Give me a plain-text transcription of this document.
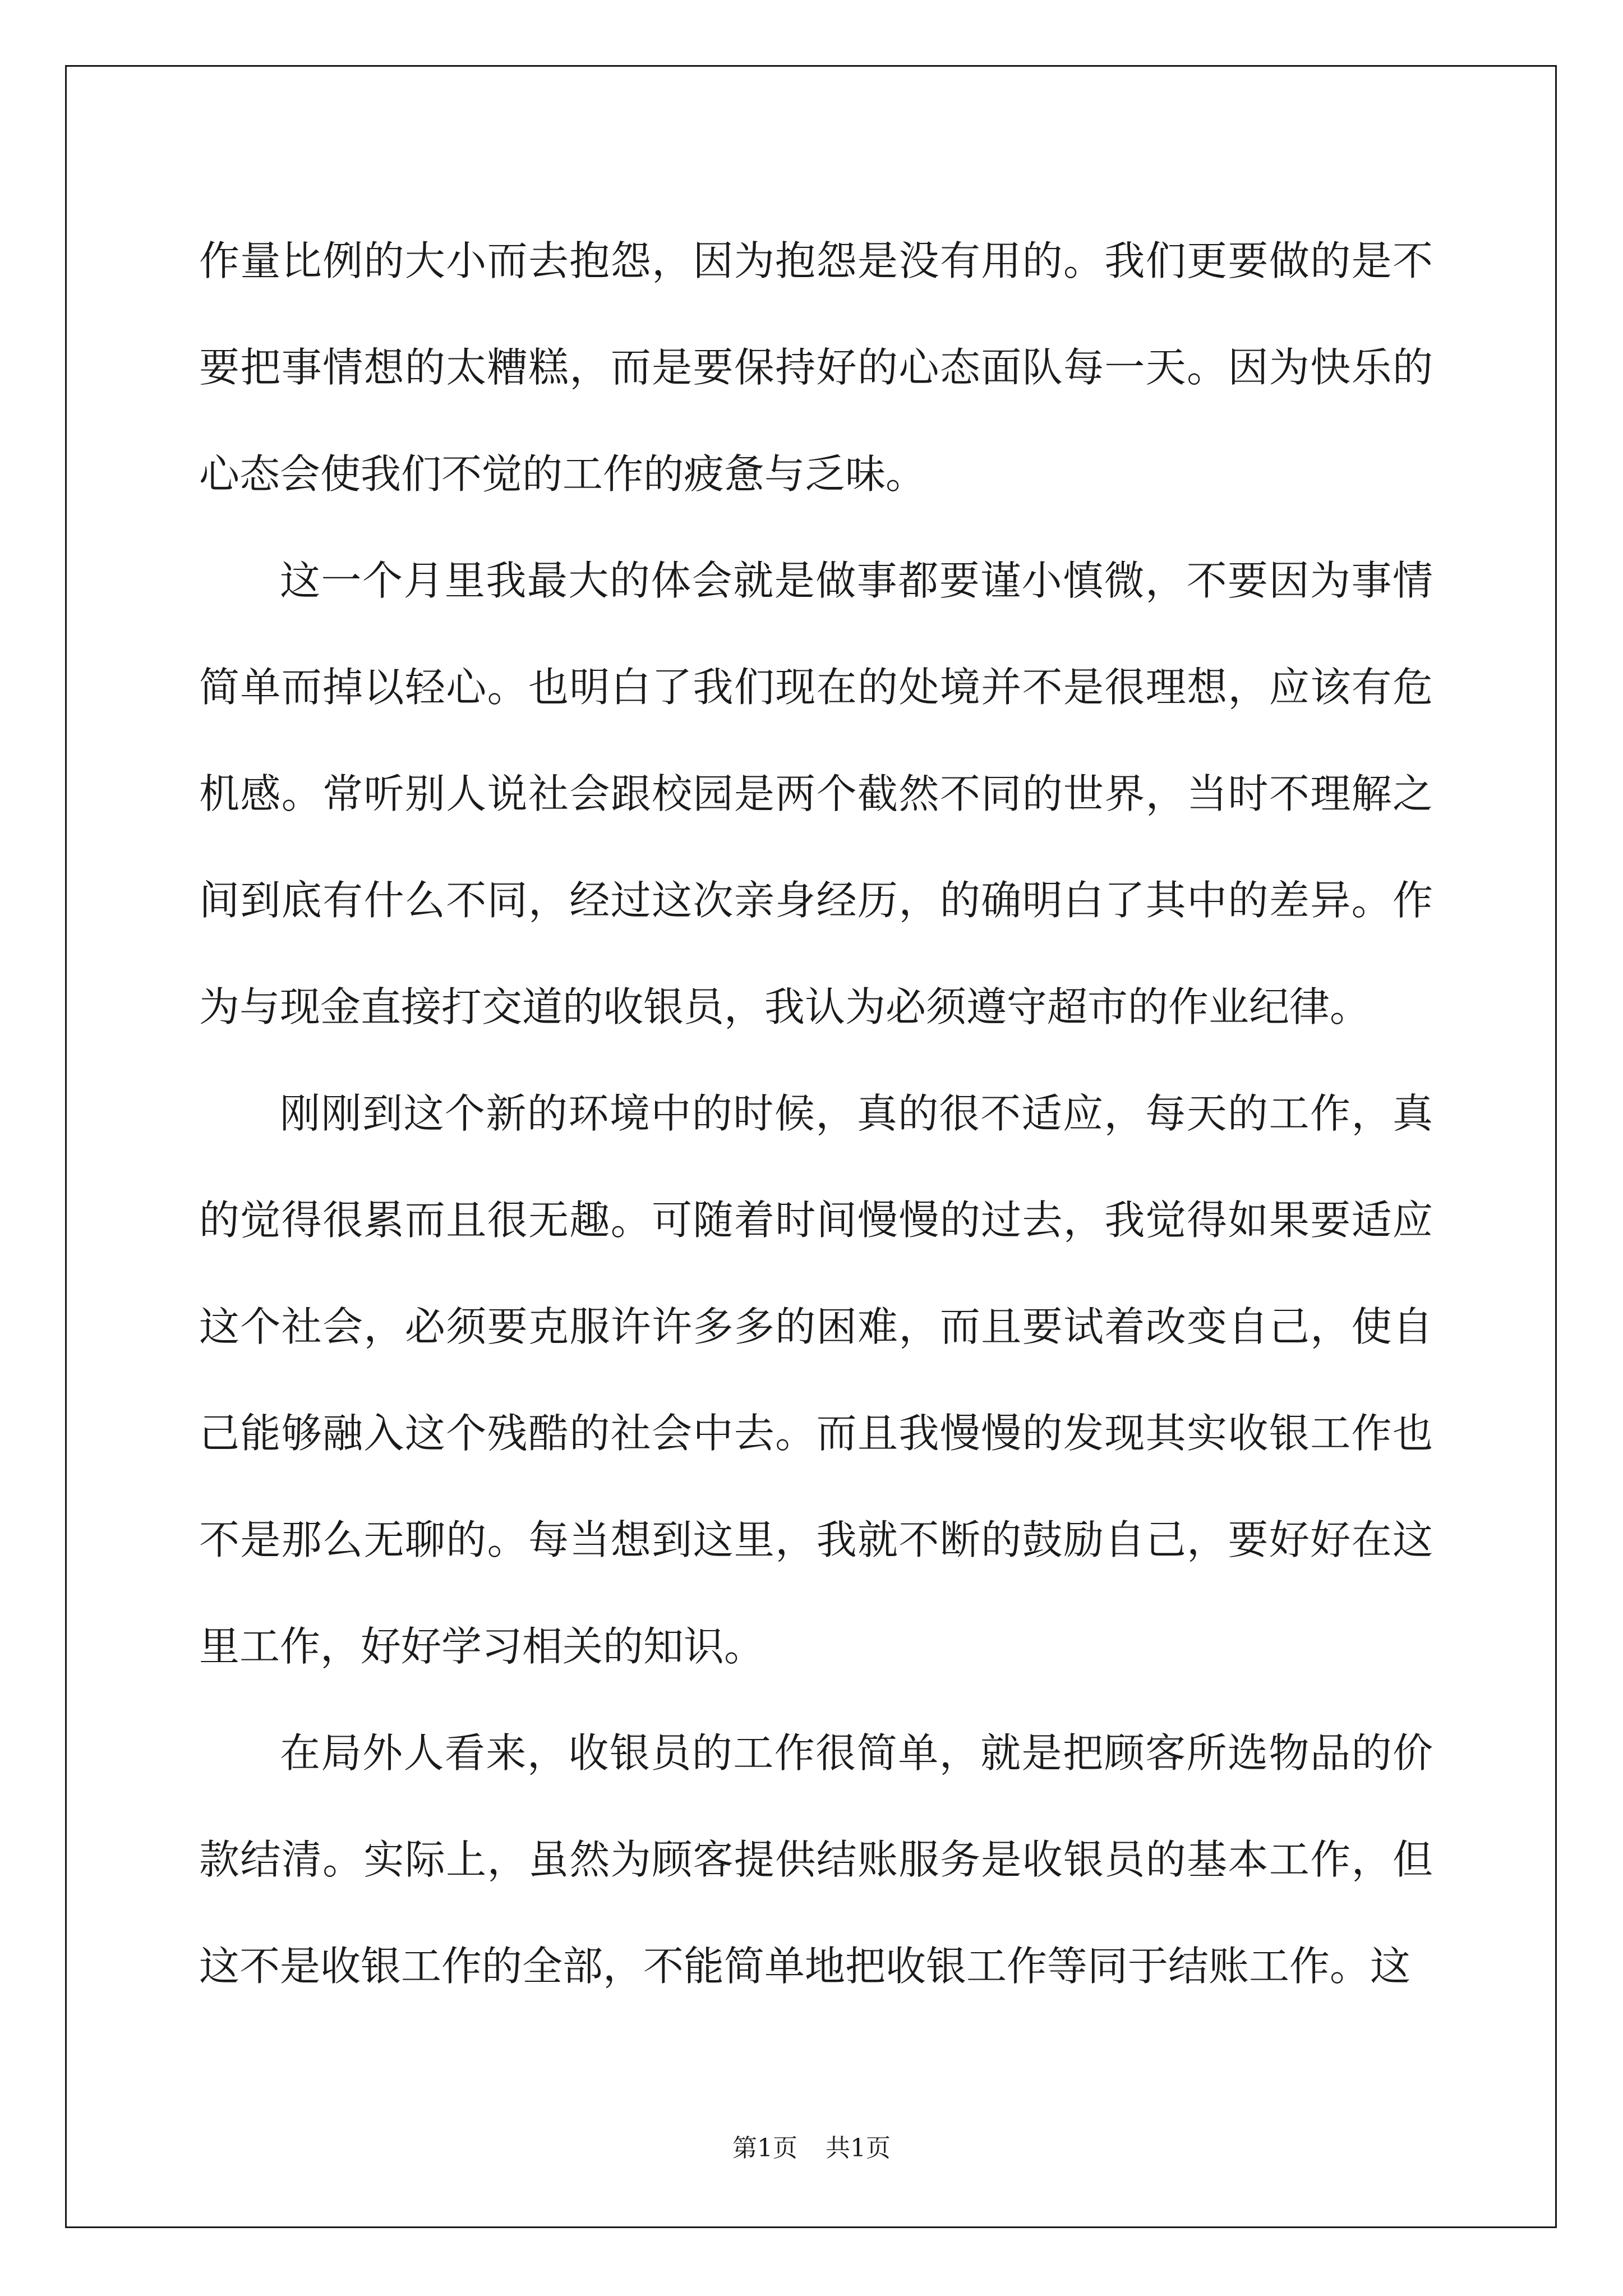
作量比例的大小而去抱怨，因为抱怨是没有用的。我们更要做的是不要把事情想的太糟糕，而是要保持好的心态面队每一天。因为快乐的心态会使我们不觉的工作的疲惫与乏味。

这一个月里我最大的体会就是做事都要谨小慎微，不要因为事情简单而掉以轻心。也明白了我们现在的处境并不是很理想，应该有危机感。常听别人说社会跟校园是两个截然不同的世界，当时不理解之间到底有什么不同，经过这次亲身经历，的确明白了其中的差异。作为与现金直接打交道的收银员，我认为必须遵守超市的作业纪律。

刚刚到这个新的环境中的时候，真的很不适应，每天的工作，真的觉得很累而且很无趣。可随着时间慢慢的过去，我觉得如果要适应这个社会，必须要克服许许多多的困难，而且要试着改变自己，使自己能够融入这个残酷的社会中去。而且我慢慢的发现其实收银工作也不是那么无聊的。每当想到这里，我就不断的鼓励自己，要好好在这里工作，好好学习相关的知识。

在局外人看来，收银员的工作很简单，就是把顾客所选物品的价款结清。实际上，虽然为顾客提供结账服务是收银员的基本工作，但这不是收银工作的全部，不能简单地把收银工作等同于结账工作。这

第1页 共1页
